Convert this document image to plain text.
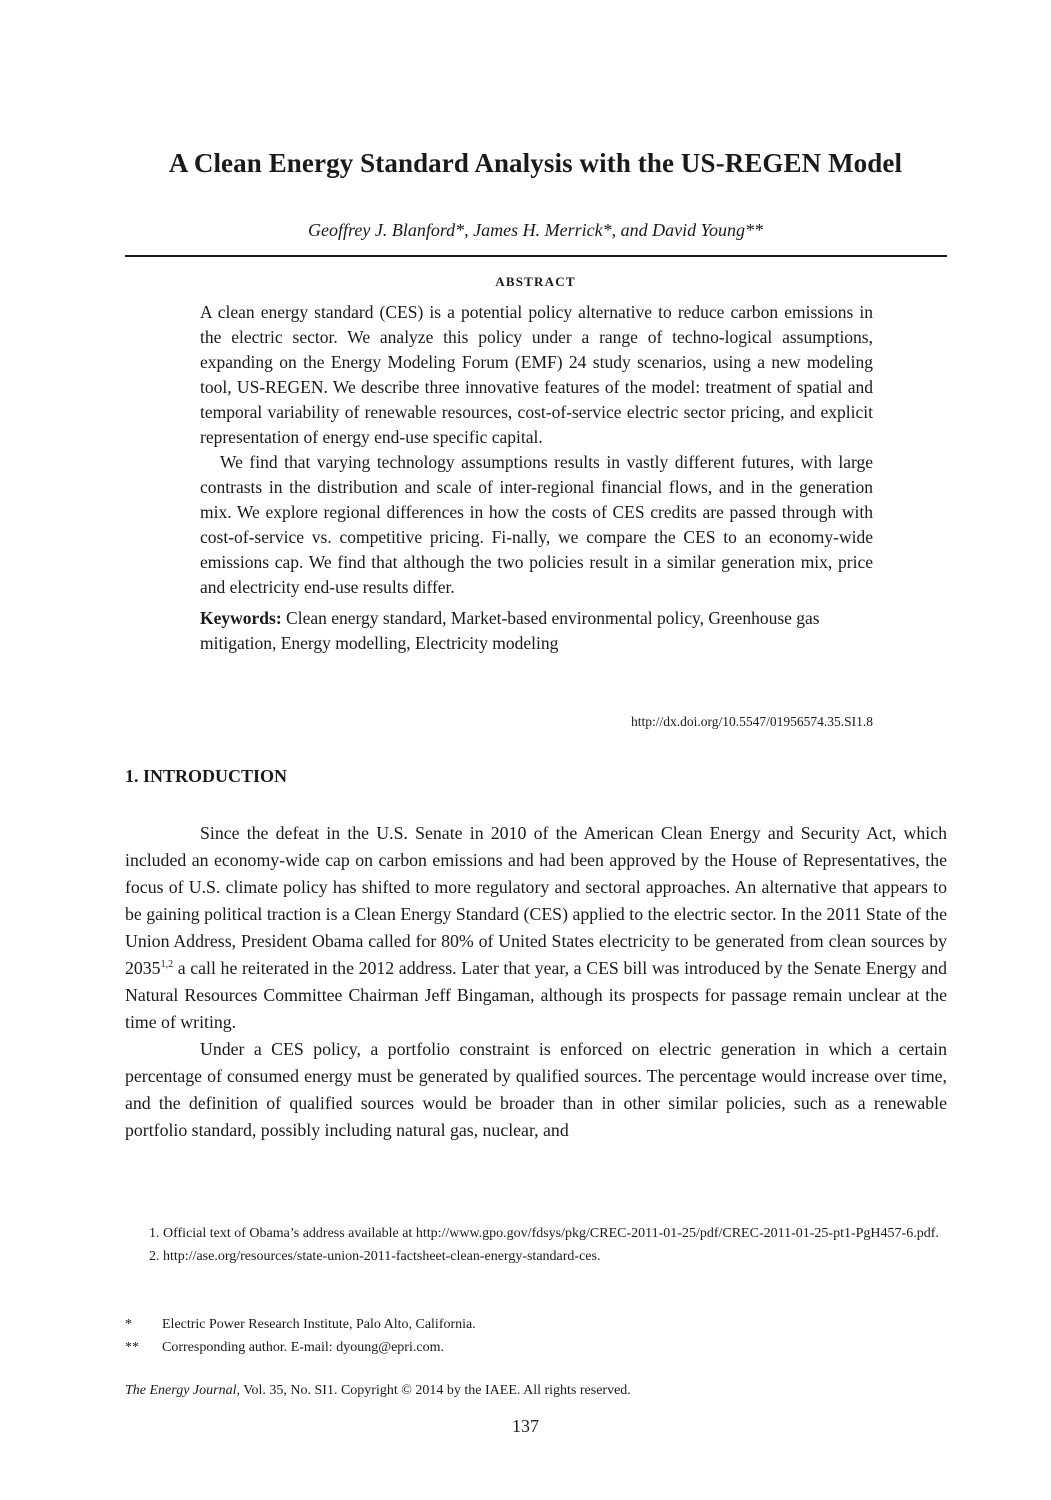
A Clean Energy Standard Analysis with the US-REGEN Model

Geoffrey J. Blanford*, James H. Merrick*, and David Young**

ABSTRACT

A clean energy standard (CES) is a potential policy alternative to reduce carbon emissions in the electric sector. We analyze this policy under a range of techno-logical assumptions, expanding on the Energy Modeling Forum (EMF) 24 study scenarios, using a new modeling tool, US-REGEN. We describe three innovative features of the model: treatment of spatial and temporal variability of renewable resources, cost-of-service electric sector pricing, and explicit representation of energy end-use specific capital.

We find that varying technology assumptions results in vastly different futures, with large contrasts in the distribution and scale of inter-regional financial flows, and in the generation mix. We explore regional differences in how the costs of CES credits are passed through with cost-of-service vs. competitive pricing. Fi-nally, we compare the CES to an economy-wide emissions cap. We find that although the two policies result in a similar generation mix, price and electricity end-use results differ.

Keywords: Clean energy standard, Market-based environmental policy, Greenhouse gas mitigation, Energy modelling, Electricity modeling

http://dx.doi.org/10.5547/01956574.35.SI1.8

1. INTRODUCTION

Since the defeat in the U.S. Senate in 2010 of the American Clean Energy and Security Act, which included an economy-wide cap on carbon emissions and had been approved by the House of Representatives, the focus of U.S. climate policy has shifted to more regulatory and sectoral approaches. An alternative that appears to be gaining political traction is a Clean Energy Standard (CES) applied to the electric sector. In the 2011 State of the Union Address, President Obama called for 80% of United States electricity to be generated from clean sources by 2035$^{1,2}$ a call he reiterated in the 2012 address. Later that year, a CES bill was introduced by the Senate Energy and Natural Resources Committee Chairman Jeff Bingaman, although its prospects for passage remain unclear at the time of writing.

Under a CES policy, a portfolio constraint is enforced on electric generation in which a certain percentage of consumed energy must be generated by qualified sources. The percentage would increase over time, and the definition of qualified sources would be broader than in other similar policies, such as a renewable portfolio standard, possibly including natural gas, nuclear, and

1. Official text of Obama’s address available at http://www.gpo.gov/fdsys/pkg/CREC-2011-01-25/pdf/CREC-2011-01-25-pt1-PgH457-6.pdf.

2. http://ase.org/resources/state-union-2011-factsheet-clean-energy-standard-ces.

*	Electric Power Research Institute, Palo Alto, California.
**	Corresponding author. E-mail: dyoung@epri.com.

The Energy Journal, Vol. 35, No. SI1. Copyright © 2014 by the IAEE. All rights reserved.

137
